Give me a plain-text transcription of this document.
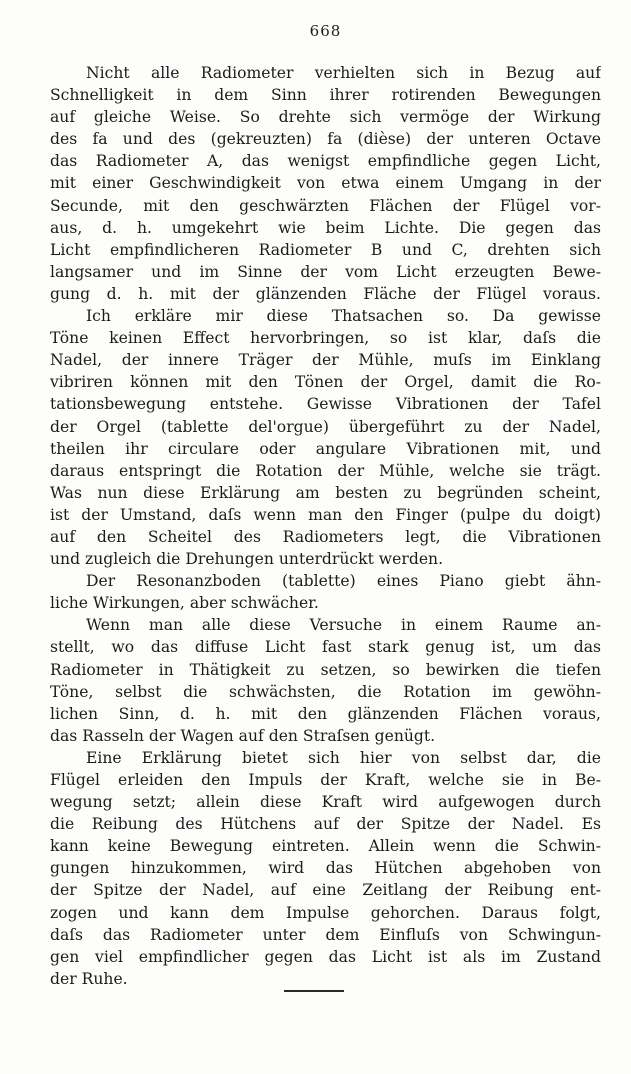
668

Nicht alle Radiometer verhielten sich in Bezug auf
Schnelligkeit in dem Sinn ihrer rotirenden Bewegungen
auf gleiche Weise. So drehte sich vermöge der Wirkung
des fa und des (gekreuzten) fa (dièse) der unteren Octave
das Radiometer A, das wenigst empfindliche gegen Licht,
mit einer Geschwindigkeit von etwa einem Umgang in der
Secunde, mit den geschwärzten Flächen der Flügel vor-
aus, d. h. umgekehrt wie beim Lichte. Die gegen das
Licht empfindlicheren Radiometer B und C, drehten sich
langsamer und im Sinne der vom Licht erzeugten Bewe-
gung d. h. mit der glänzenden Fläche der Flügel voraus.

Ich erkläre mir diese Thatsachen so. Da gewisse
Töne keinen Effect hervorbringen, so ist klar, daſs die
Nadel, der innere Träger der Mühle, muſs im Einklang
vibriren können mit den Tönen der Orgel, damit die Ro-
tationsbewegung entstehe. Gewisse Vibrationen der Tafel
der Orgel (tablette del'orgue) übergeführt zu der Nadel,
theilen ihr circulare oder angulare Vibrationen mit, und
daraus entspringt die Rotation der Mühle, welche sie trägt.
Was nun diese Erklärung am besten zu begründen scheint,
ist der Umstand, daſs wenn man den Finger (pulpe du doigt)
auf den Scheitel des Radiometers legt, die Vibrationen
und zugleich die Drehungen unterdrückt werden.

Der Resonanzboden (tablette) eines Piano giebt ähn-
liche Wirkungen, aber schwächer.

Wenn man alle diese Versuche in einem Raume an-
stellt, wo das diffuse Licht fast stark genug ist, um das
Radiometer in Thätigkeit zu setzen, so bewirken die tiefen
Töne, selbst die schwächsten, die Rotation im gewöhn-
lichen Sinn, d. h. mit den glänzenden Flächen voraus,
das Rasseln der Wagen auf den Straſsen genügt.

Eine Erklärung bietet sich hier von selbst dar, die
Flügel erleiden den Impuls der Kraft, welche sie in Be-
wegung setzt; allein diese Kraft wird aufgewogen durch
die Reibung des Hütchens auf der Spitze der Nadel. Es
kann keine Bewegung eintreten. Allein wenn die Schwin-
gungen hinzukommen, wird das Hütchen abgehoben von
der Spitze der Nadel, auf eine Zeitlang der Reibung ent-
zogen und kann dem Impulse gehorchen. Daraus folgt,
daſs das Radiometer unter dem Einfluſs von Schwingun-
gen viel empfindlicher gegen das Licht ist als im Zustand
der Ruhe.
